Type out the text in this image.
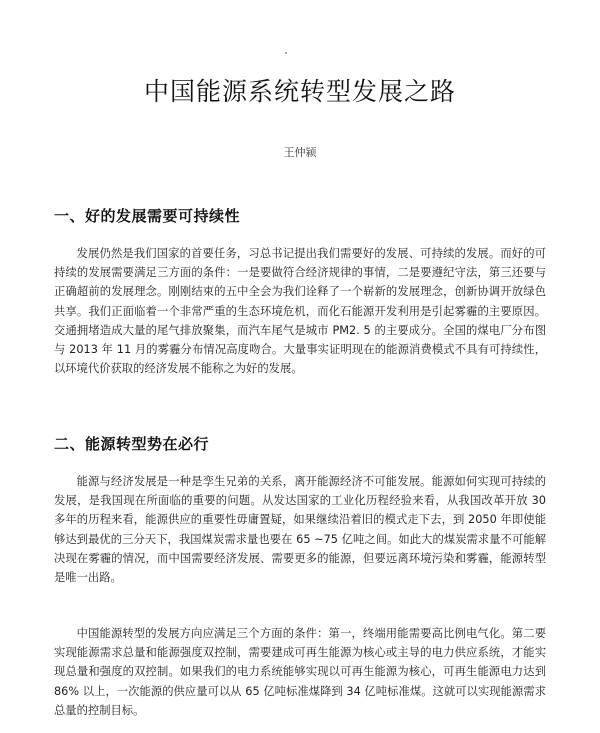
中国能源系统转型发展之路
王仲颍
一、好的发展需要可持续性

发展仍然是我们国家的首要任务，习总书记提出我们需要好的发展、可持续的发展。而好的可持续的发展需要满足三方面的条件：一是要做符合经济规律的事情，二是要遵纪守法，第三还要与正确超前的发展理念。刚刚结束的五中全会为我们诠释了一个崭新的发展理念，创新协调开放绿色共享。我们正面临着一个非常严重的生态环境危机，而化石能源开发利用是引起雾霾的主要原因。交通拥堵造成大量的尾气排放聚集，而汽车尾气是城市 PM2. 5 的主要成分。全国的煤电厂分布图与 2013 年 11 月的雾霾分布情况高度吻合。大量事实证明现在的能源消费模式不具有可持续性，以环境代价获取的经济发展不能称之为好的发展。

二、能源转型势在必行

能源与经济发展是一种是孪生兄弟的关系，离开能源经济不可能发展。能源如何实现可持续的发展，是我国现在所面临的重要的问题。从发达国家的工业化历程经验来看，从我国改革开放 30 多年的历程来看，能源供应的重要性毋庸置疑，如果继续沿着旧的模式走下去，到 2050 年即使能够达到最优的三分天下，我国煤炭需求量也要在 65 ~75 亿吨之间。如此大的煤炭需求量不可能解决现在雾霾的情况，而中国需要经济发展、需要更多的能源，但要远离环境污染和雾霾，能源转型是唯一出路。

中国能源转型的发展方向应满足三个方面的条件：第一，终端用能需要高比例电气化。第二要实现能源需求总量和能源强度双控制，需要建成可再生能源为核心或主导的电力供应系统，才能实现总量和强度的双控制。如果我们的电力系统能够实现以可再生能源为核心，可再生能源电力达到 86% 以上，一次能源的供应量可以从 65 亿吨标准煤降到 34 亿吨标准煤。这就可以实现能源需求总量的控制目标。
